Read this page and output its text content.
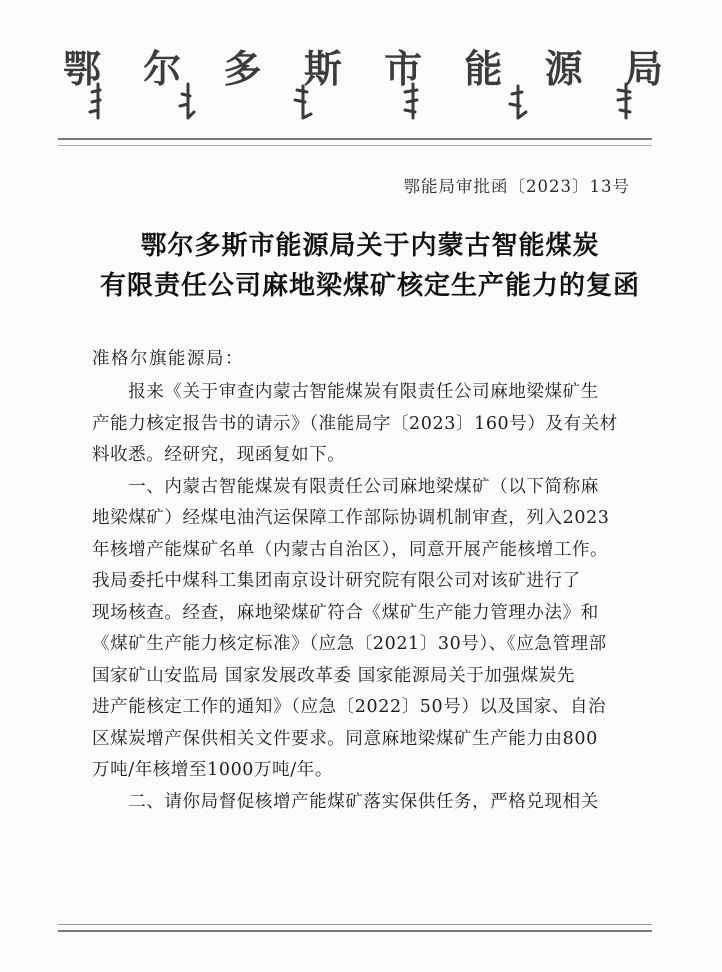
鄂 尔 多 斯 市 能 源 局
鄂能局审批函〔2023〕13号
鄂尔多斯市能源局关于内蒙古智能煤炭
有限责任公司麻地梁煤矿核定生产能力的复函
准格尔旗能源局：
　　报来《关于审查内蒙古智能煤炭有限责任公司麻地梁煤矿生
产能力核定报告书的请示》（准能局字〔2023〕160号）及有关材
料收悉。经研究，现函复如下。
　　一、内蒙古智能煤炭有限责任公司麻地梁煤矿（以下简称麻
地梁煤矿）经煤电油汽运保障工作部际协调机制审查，列入2023
年核增产能煤矿名单（内蒙古自治区），同意开展产能核增工作。
我局委托中煤科工集团南京设计研究院有限公司对该矿进行了
现场核查。经查，麻地梁煤矿符合《煤矿生产能力管理办法》和
《煤矿生产能力核定标准》（应急〔2021〕30号）、《应急管理部
国家矿山安监局 国家发展改革委 国家能源局关于加强煤炭先
进产能核定工作的通知》（应急〔2022〕50号）以及国家、自治
区煤炭增产保供相关文件要求。同意麻地梁煤矿生产能力由800
万吨/年核增至1000万吨/年。
　　二、请你局督促核增产能煤矿落实保供任务，严格兑现相关
